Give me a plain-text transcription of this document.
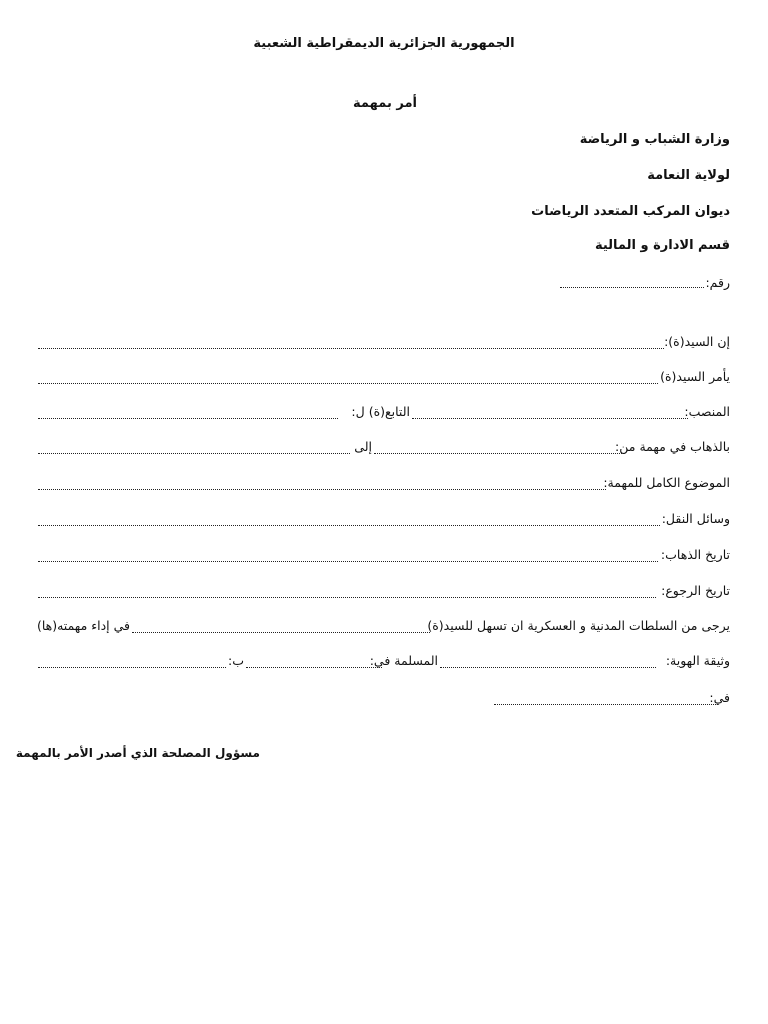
الجمهورية الجزائرية الديمقراطية الشعبية
أمر بمهمة
وزارة الشباب و الرياضة
لولاية النعامة
ديوان المركب المتعدد الرياضات
قسم الادارة و المالية
رقم:
إن السيد(ة):
يأمر السيد(ة)
المنصب:
التابع(ة) ل:
بالذهاب في مهمة من:
إلى
الموضوع الكامل للمهمة:
وسائل النقل:
تاريخ الذهاب:
تاريخ الرجوع:
يرجى من السلطات المدنية و العسكرية ان تسهل للسيد(ة)
في إداء مهمته(ها)
وثيقة الهوية:
المسلمة في:
ب:
في:
مسؤول المصلحة الذي أصدر الأمر بالمهمة
